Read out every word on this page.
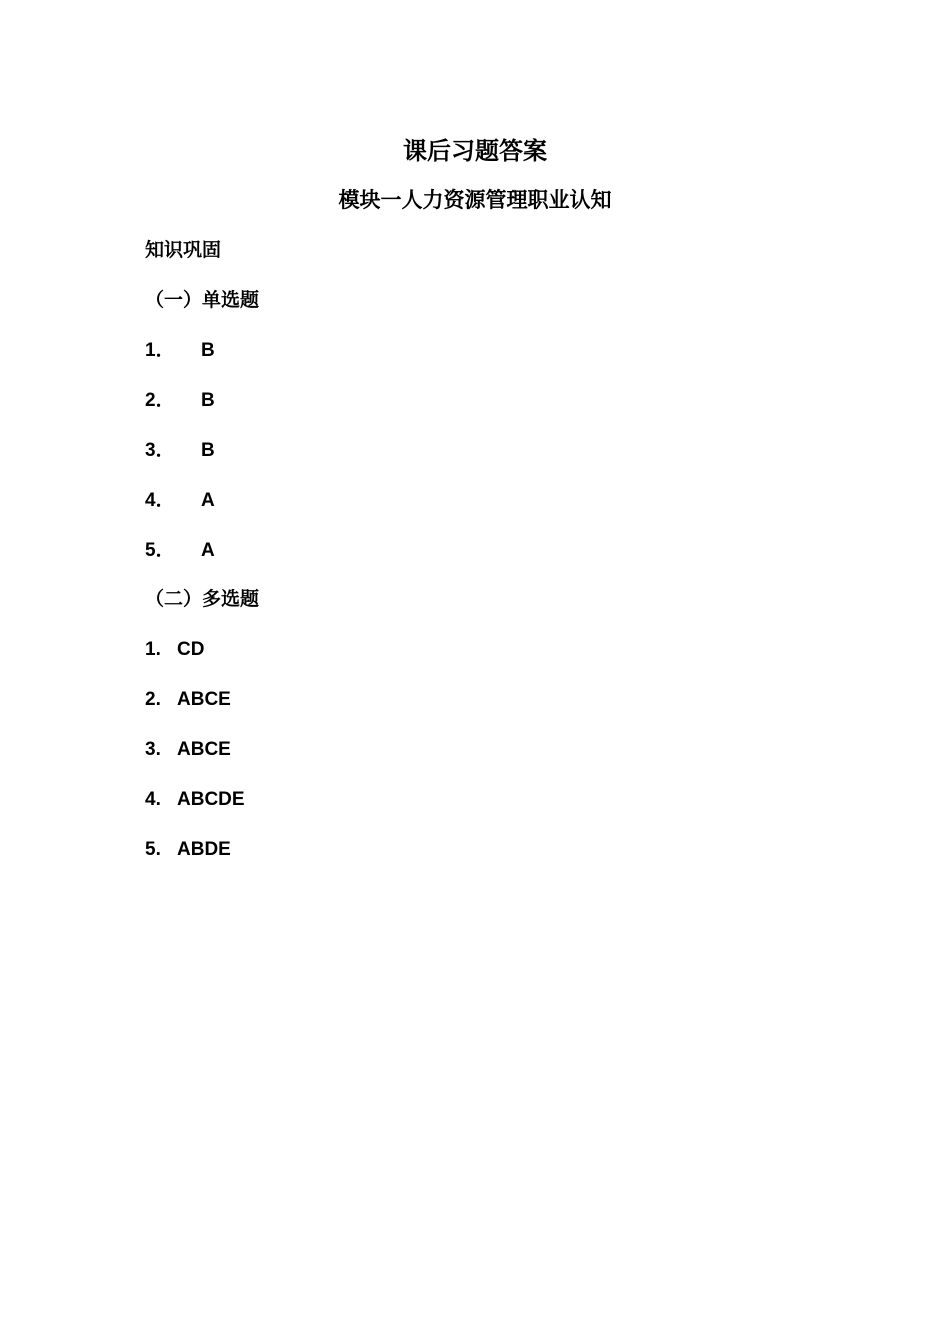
课后习题答案
模块一人力资源管理职业认知
知识巩固
（一）单选题
1． B
2． B
3． B
4． A
5． A
（二）多选题
1. CD
2. ABCE
3. ABCE
4. ABCDE
5. ABDE
